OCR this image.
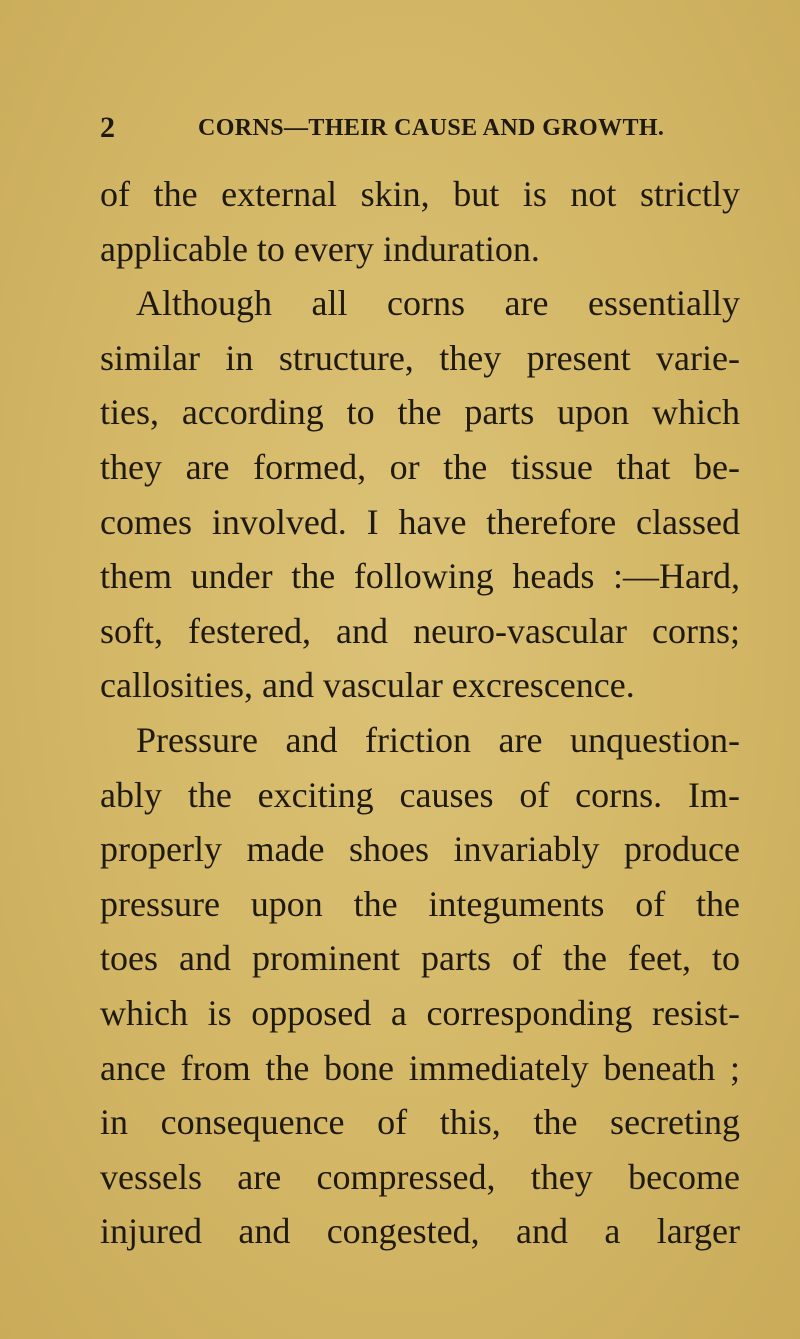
2	CORNS—THEIR CAUSE AND GROWTH.
of the external skin, but is not strictly
applicable to every induration.
Although all corns are essentially
similar in structure, they present varie-
ties, according to the parts upon which
they are formed, or the tissue that be-
comes involved. I have therefore classed
them under the following heads :—Hard,
soft, festered, and neuro-vascular corns;
callosities, and vascular excrescence.
Pressure and friction are unquestion-
ably the exciting causes of corns. Im-
properly made shoes invariably produce
pressure upon the integuments of the
toes and prominent parts of the feet, to
which is opposed a corresponding resist-
ance from the bone immediately beneath ;
in consequence of this, the secreting
vessels are compressed, they become
injured and congested, and a larger
